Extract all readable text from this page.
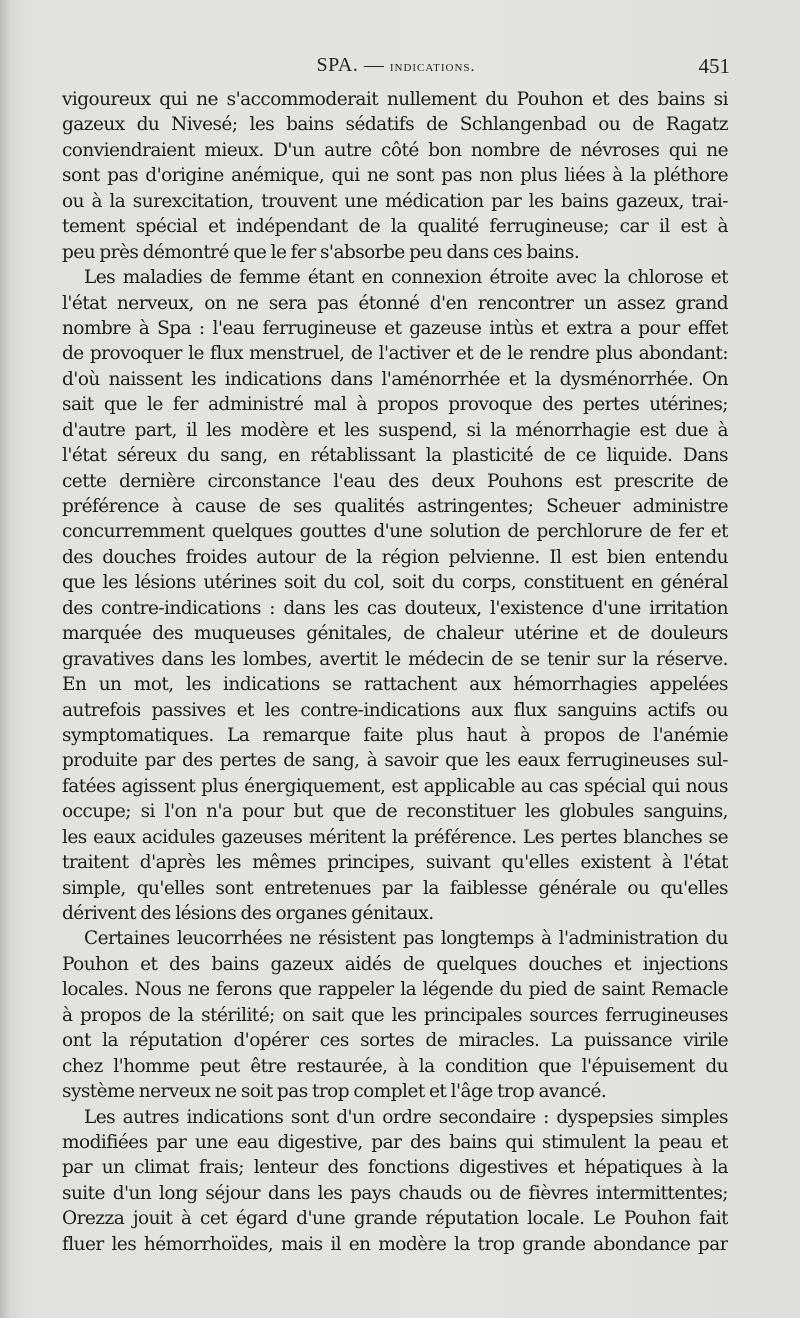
SPA. — indications.	451
vigoureux qui ne s'accommoderait nullement du Pouhon et des bains si
gazeux du Nivesé; les bains sédatifs de Schlangenbad ou de Ragatz
conviendraient mieux. D'un autre côté bon nombre de névroses qui ne
sont pas d'origine anémique, qui ne sont pas non plus liées à la pléthore
ou à la surexcitation, trouvent une médication par les bains gazeux, trai-
tement spécial et indépendant de la qualité ferrugineuse; car il est à
peu près démontré que le fer s'absorbe peu dans ces bains.
Les maladies de femme étant en connexion étroite avec la chlorose et
l'état nerveux, on ne sera pas étonné d'en rencontrer un assez grand
nombre à Spa : l'eau ferrugineuse et gazeuse intùs et extra a pour effet
de provoquer le flux menstruel, de l'activer et de le rendre plus abondant:
d'où naissent les indications dans l'aménorrhée et la dysménorrhée. On
sait que le fer administré mal à propos provoque des pertes utérines;
d'autre part, il les modère et les suspend, si la ménorrhagie est due à
l'état séreux du sang, en rétablissant la plasticité de ce liquide. Dans
cette dernière circonstance l'eau des deux Pouhons est prescrite de
préférence à cause de ses qualités astringentes; Scheuer administre
concurremment quelques gouttes d'une solution de perchlorure de fer et
des douches froides autour de la région pelvienne. Il est bien entendu
que les lésions utérines soit du col, soit du corps, constituent en général
des contre-indications : dans les cas douteux, l'existence d'une irritation
marquée des muqueuses génitales, de chaleur utérine et de douleurs
gravatives dans les lombes, avertit le médecin de se tenir sur la réserve.
En un mot, les indications se rattachent aux hémorrhagies appelées
autrefois passives et les contre-indications aux flux sanguins actifs ou
symptomatiques. La remarque faite plus haut à propos de l'anémie
produite par des pertes de sang, à savoir que les eaux ferrugineuses sul-
fatées agissent plus énergiquement, est applicable au cas spécial qui nous
occupe; si l'on n'a pour but que de reconstituer les globules sanguins,
les eaux acidules gazeuses méritent la préférence. Les pertes blanches se
traitent d'après les mêmes principes, suivant qu'elles existent à l'état
simple, qu'elles sont entretenues par la faiblesse générale ou qu'elles
dérivent des lésions des organes génitaux.
Certaines leucorrhées ne résistent pas longtemps à l'administration du
Pouhon et des bains gazeux aidés de quelques douches et injections
locales. Nous ne ferons que rappeler la légende du pied de saint Remacle
à propos de la stérilité; on sait que les principales sources ferrugineuses
ont la réputation d'opérer ces sortes de miracles. La puissance virile
chez l'homme peut être restaurée, à la condition que l'épuisement du
système nerveux ne soit pas trop complet et l'âge trop avancé.
Les autres indications sont d'un ordre secondaire : dyspepsies simples
modifiées par une eau digestive, par des bains qui stimulent la peau et
par un climat frais; lenteur des fonctions digestives et hépatiques à la
suite d'un long séjour dans les pays chauds ou de fièvres intermittentes;
Orezza jouit à cet égard d'une grande réputation locale. Le Pouhon fait
fluer les hémorrhoïdes, mais il en modère la trop grande abondance par
